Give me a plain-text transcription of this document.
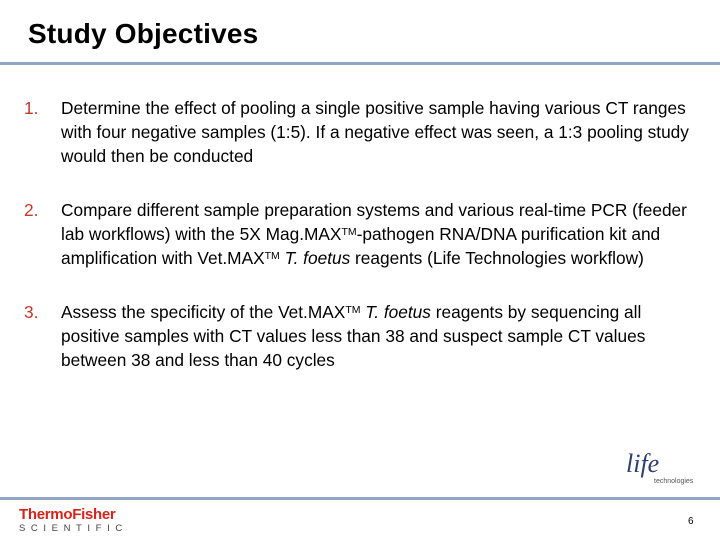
Study Objectives
1. Determine the effect of pooling a single positive sample having various CT ranges with four negative samples (1:5). If a negative effect was seen, a 1:3 pooling study would then be conducted
2. Compare different sample preparation systems and various real-time PCR (feeder lab workflows) with the 5X Mag.MAX™-pathogen RNA/DNA purification kit and amplification with Vet.MAX™ T. foetus reagents (Life Technologies workflow)
3. Assess the specificity of the Vet.MAX™ T. foetus reagents by sequencing all positive samples with CT values less than 38 and suspect sample CT values between 38 and less than 40 cycles
life
technologies
ThermoFisher
SCIENTIFIC
6
